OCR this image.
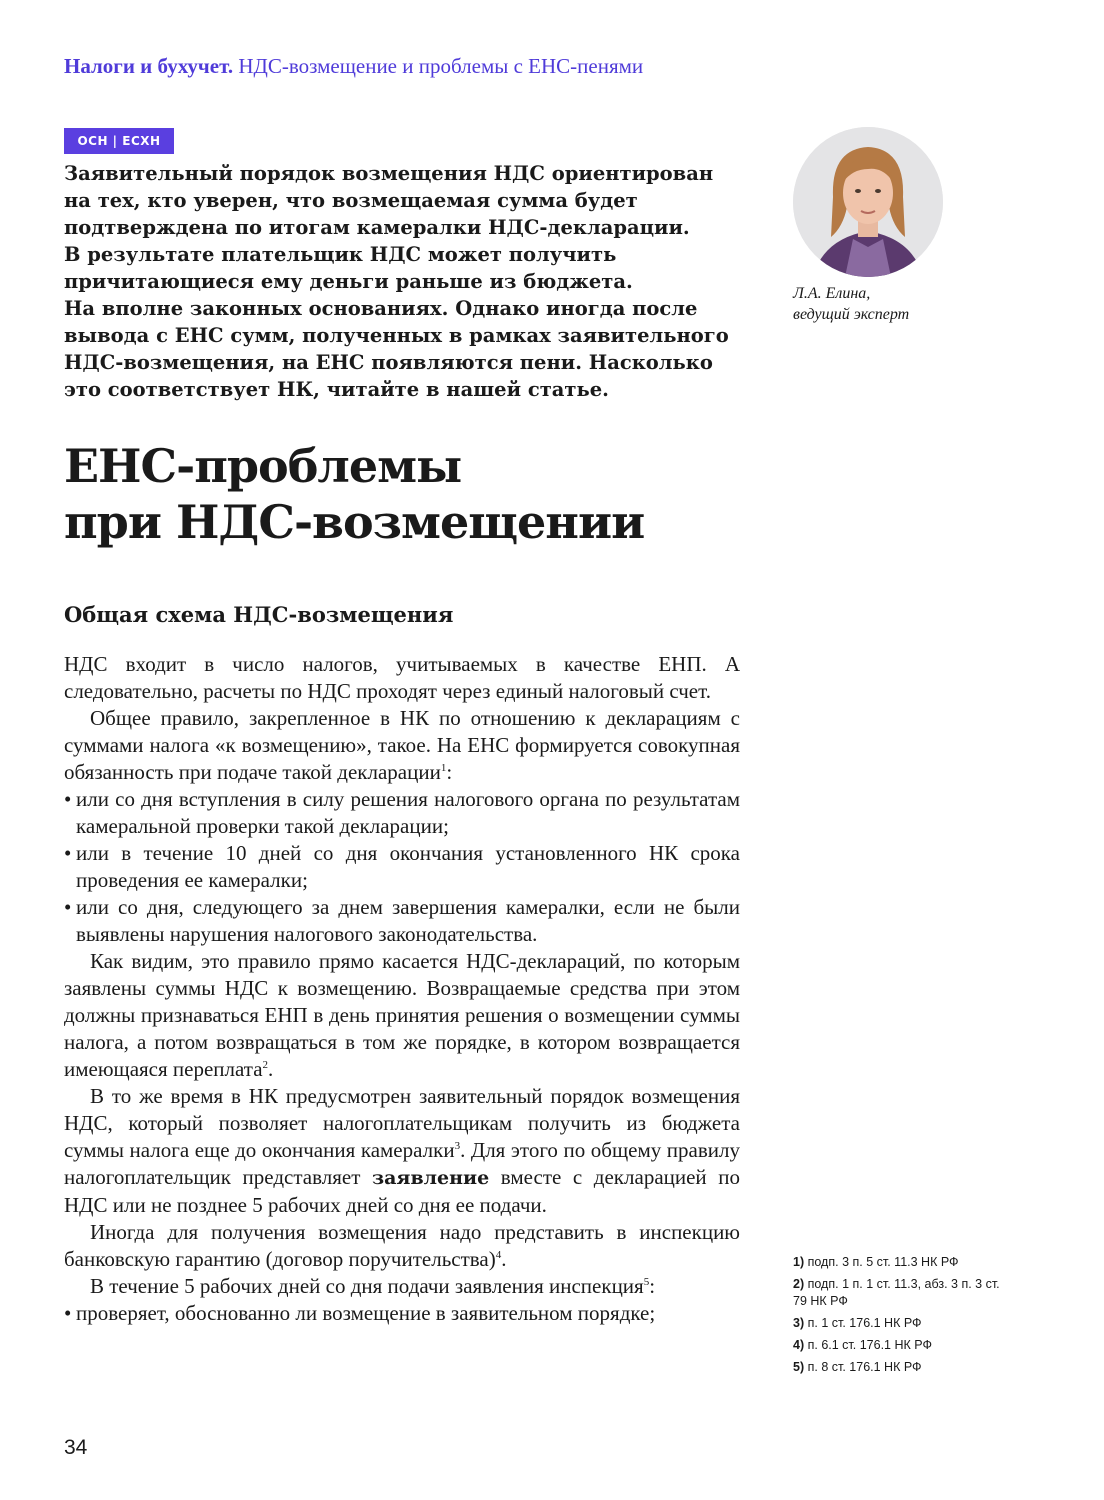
Налоги и бухучет. НДС-возмещение и проблемы с ЕНС-пенями
ОСН | ЕСХН

Заявительный порядок возмещения НДС ориентирован

на тех, кто уверен, что возмещаемая сумма будет

подтверждена по итогам камералки НДС-декларации.

В результате плательщик НДС может получить

причитающиеся ему деньги раньше из бюджета.

На вполне законных основаниях. Однако иногда после

вывода с ЕНС сумм, полученных в рамках заявительного

НДС-возмещения, на ЕНС появляются пени. Насколько

это соответствует НК, читайте в нашей статье.

Л.А. Елина,
ведущий эксперт
ЕНС-проблемы
при НДС-возмещении
Общая схема НДС-возмещения

НДС входит в число налогов, учитываемых в качестве ЕНП. А следовательно, расчеты по НДС проходят через единый налоговый счет.

Общее правило, закрепленное в НК по отношению к декларациям с суммами налога «к возмещению», такое. На ЕНС формируется совокупная обязанность при подаче такой декларации$^1$:

• или со дня вступления в силу решения налогового органа по результатам камеральной проверки такой декларации;
• или в течение 10 дней со дня окончания установленного НК срока проведения ее камералки;
• или со дня, следующего за днем завершения камералки, если не были выявлены нарушения налогового законодательства.

Как видим, это правило прямо касается НДС-деклараций, по которым заявлены суммы НДС к возмещению. Возвращаемые средства при этом должны признаваться ЕНП в день принятия решения о возмещении суммы налога, а потом возвращаться в том же порядке, в котором возвращается имеющаяся переплата$^2$.

В то же время в НК предусмотрен заявительный порядок возмещения НДС, который позволяет налогоплательщикам получить из бюджета суммы налога еще до окончания камералки$^3$. Для этого по общему правилу налогоплательщик представляет заявление вместе с декларацией по НДС или не позднее 5 рабочих дней со дня ее подачи.

Иногда для получения возмещения надо представить в инспекцию банковскую гарантию (договор поручительства)$^4$.

В течение 5 рабочих дней со дня подачи заявления инспекция$^5$:

• проверяет, обоснованно ли возмещение в заявительном порядке;
1) подп. 3 п. 5 ст. 11.3 НК РФ
2) подп. 1 п. 1 ст. 11.3, абз. 3 п. 3 ст. 79 НК РФ
3) п. 1 ст. 176.1 НК РФ
4) п. 6.1 ст. 176.1 НК РФ
5) п. 8 ст. 176.1 НК РФ
34
